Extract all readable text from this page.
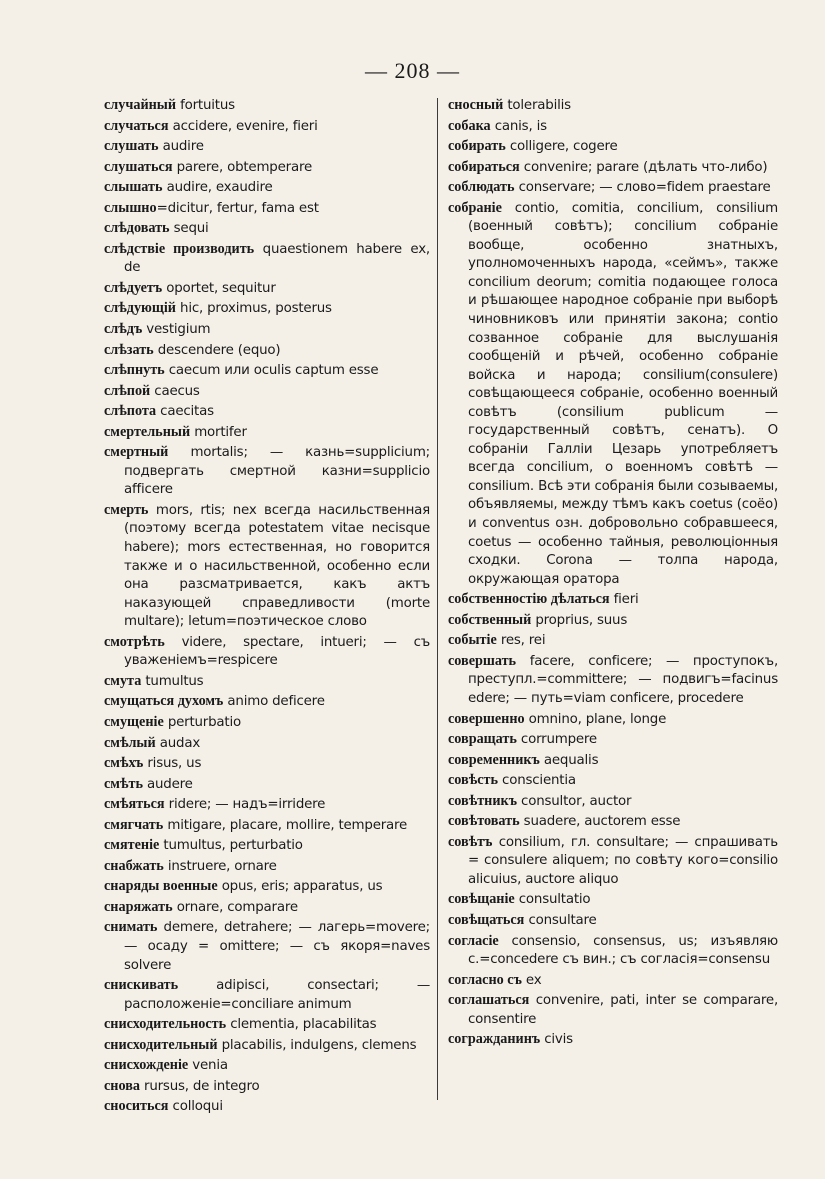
— 208 —
случайный fortuitus
случаться accidere, evenire, fieri
слушать audire
слушаться parere, obtemperare
слышать audire, exaudire
слышно=dicitur, fertur, fama est
слѣдовать sequi
слѣдствіе производить quaestionem habere ex, de
слѣдуетъ oportet, sequitur
слѣдующій hic, proximus, posterus
слѣдъ vestigium
слѣзать descendere (equo)
слѣпнуть caecum или oculis captum esse
слѣпой caecus
слѣпота caecitas
смертельный mortifer
смертный mortalis; — казнь=supplicium; подвергать смертной казни=supplicio afficere
смерть mors, rtis; nex всегда насильственная (поэтому всегда potestatem vitae necisque habere); mors естественная, но говорится также и о насильственной, особенно если она разсматривается, какъ актъ наказующей справедливости (morte multare); letum=поэтическое слово
смотрѣть videre, spectare, intueri; — съ уваженіемъ=respicere
смута tumultus
смущаться духомъ animo deficere
смущеніе perturbatio
смѣлый audax
смѣхъ risus, us
смѣть audere
смѣяться ridere; — надъ=irridere
смягчать mitigare, placare, mollire, temperare
смятеніе tumultus, perturbatio
снабжать instruere, ornare
снаряды военные opus, eris; apparatus, us
снаряжать ornare, comparare
снимать demere, detrahere; — лагерь=movere; — осаду = omittere; — съ якоря=naves solvere
снискивать	adipisci, consectari; — расположеніе=conciliare animum
снисходительность clementia, placabilitas
снисходительный placabilis, indulgens, clemens
снисхожденіе venia
снова rursus, de integro
сноситься colloqui
сносный tolerabilis
собака canis, is
собирать colligere, cogere
собираться convenire; parare (дѣлать что-либо)
соблюдать conservare; — слово=fidem praestare
собраніе contio, comitia, concilium, consilium (военный совѣтъ); concilium собраніе вообще, особенно знатныхъ, уполномоченныхъ народа, «сеймъ», также concilium deorum; comitia подающее голоса и рѣшающее народное собраніе при выборѣ чиновниковъ или принятіи закона; contio созванное собраніе для выслушанія сообщеній и рѣчей, особенно собраніе войска и народа; consilium(consulere) совѣщающееся собраніе, особенно военный совѣтъ (consilium publicum — государственный совѣтъ, сенатъ). О собраніи Галліи Цезарь употребляетъ всегда concilium, о военномъ совѣтѣ — consilium. Всѣ эти собранія были созываемы, объявляемы, между тѣмъ какъ coetus (coëo) и conventus озн. добровольно собравшееся, coetus — особенно тайныя, революціонныя сходки. Corona — толпа народа, окружающая оратора
собственностію дѣлаться fieri
собственный proprius, suus
событіе res, rei
совершать facere, conficere; — проступокъ, преступл.=committere; — подвигъ=facinus edere; — путь=viam conficere, procedere
совершенно omnino, plane, longe
совращать corrumpere
современникъ aequalis
совѣсть conscientia
совѣтникъ consultor, auctor
совѣтовать suadere, auctorem esse
совѣтъ consilium, гл. consultare; — спрашивать = consulere aliquem; по совѣту кого=consilio alicuius, auctore aliquo
совѣщаніе consultatio
совѣщаться consultare
согласіе consensio, consensus, us; изъявляю с.=concedere съ вин.; съ согласія=consensu
согласно съ ex
соглашаться convenire, pati, inter se comparare, consentire
согражданинъ civis
